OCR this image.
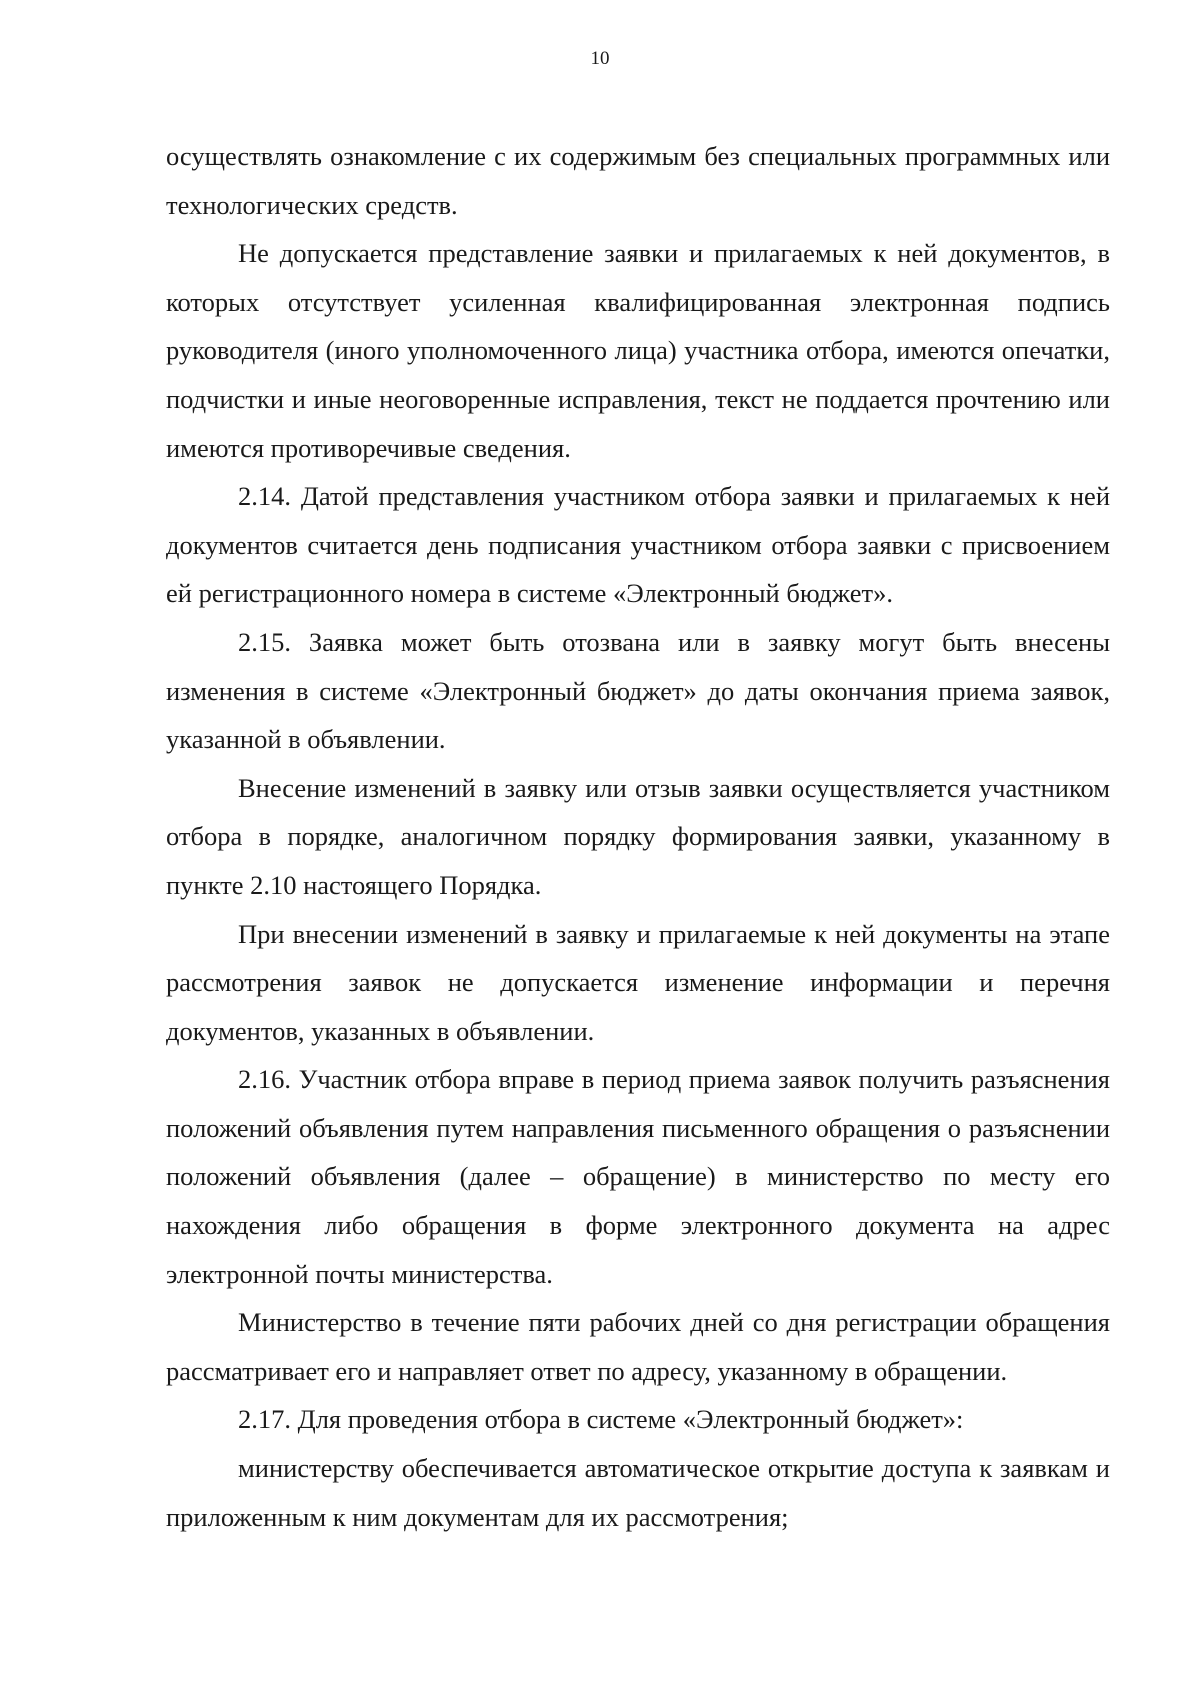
10

осуществлять ознакомление с их содержимым без специальных программных или технологических средств.

Не допускается представление заявки и прилагаемых к ней документов, в которых отсутствует усиленная квалифицированная электронная подпись руководителя (иного уполномоченного лица) участника отбора, имеются опечатки, подчистки и иные неоговоренные исправления, текст не поддается прочтению или имеются противоречивые сведения.

2.14. Датой представления участником отбора заявки и прилагаемых к ней документов считается день подписания участником отбора заявки с присвоением ей регистрационного номера в системе «Электронный бюджет».

2.15. Заявка может быть отозвана или в заявку могут быть внесены изменения в системе «Электронный бюджет» до даты окончания приема заявок, указанной в объявлении.

Внесение изменений в заявку или отзыв заявки осуществляется участником отбора в порядке, аналогичном порядку формирования заявки, указанному в пункте 2.10 настоящего Порядка.

При внесении изменений в заявку и прилагаемые к ней документы на этапе рассмотрения заявок не допускается изменение информации и перечня документов, указанных в объявлении.

2.16. Участник отбора вправе в период приема заявок получить разъяснения положений объявления путем направления письменного обращения о разъяснении положений объявления (далее – обращение) в министерство по месту его нахождения либо обращения в форме электронного документа на адрес электронной почты министерства.

Министерство в течение пяти рабочих дней со дня регистрации обращения рассматривает его и направляет ответ по адресу, указанному в обращении.

2.17. Для проведения отбора в системе «Электронный бюджет»:

министерству обеспечивается автоматическое открытие доступа к заявкам и приложенным к ним документам для их рассмотрения;
